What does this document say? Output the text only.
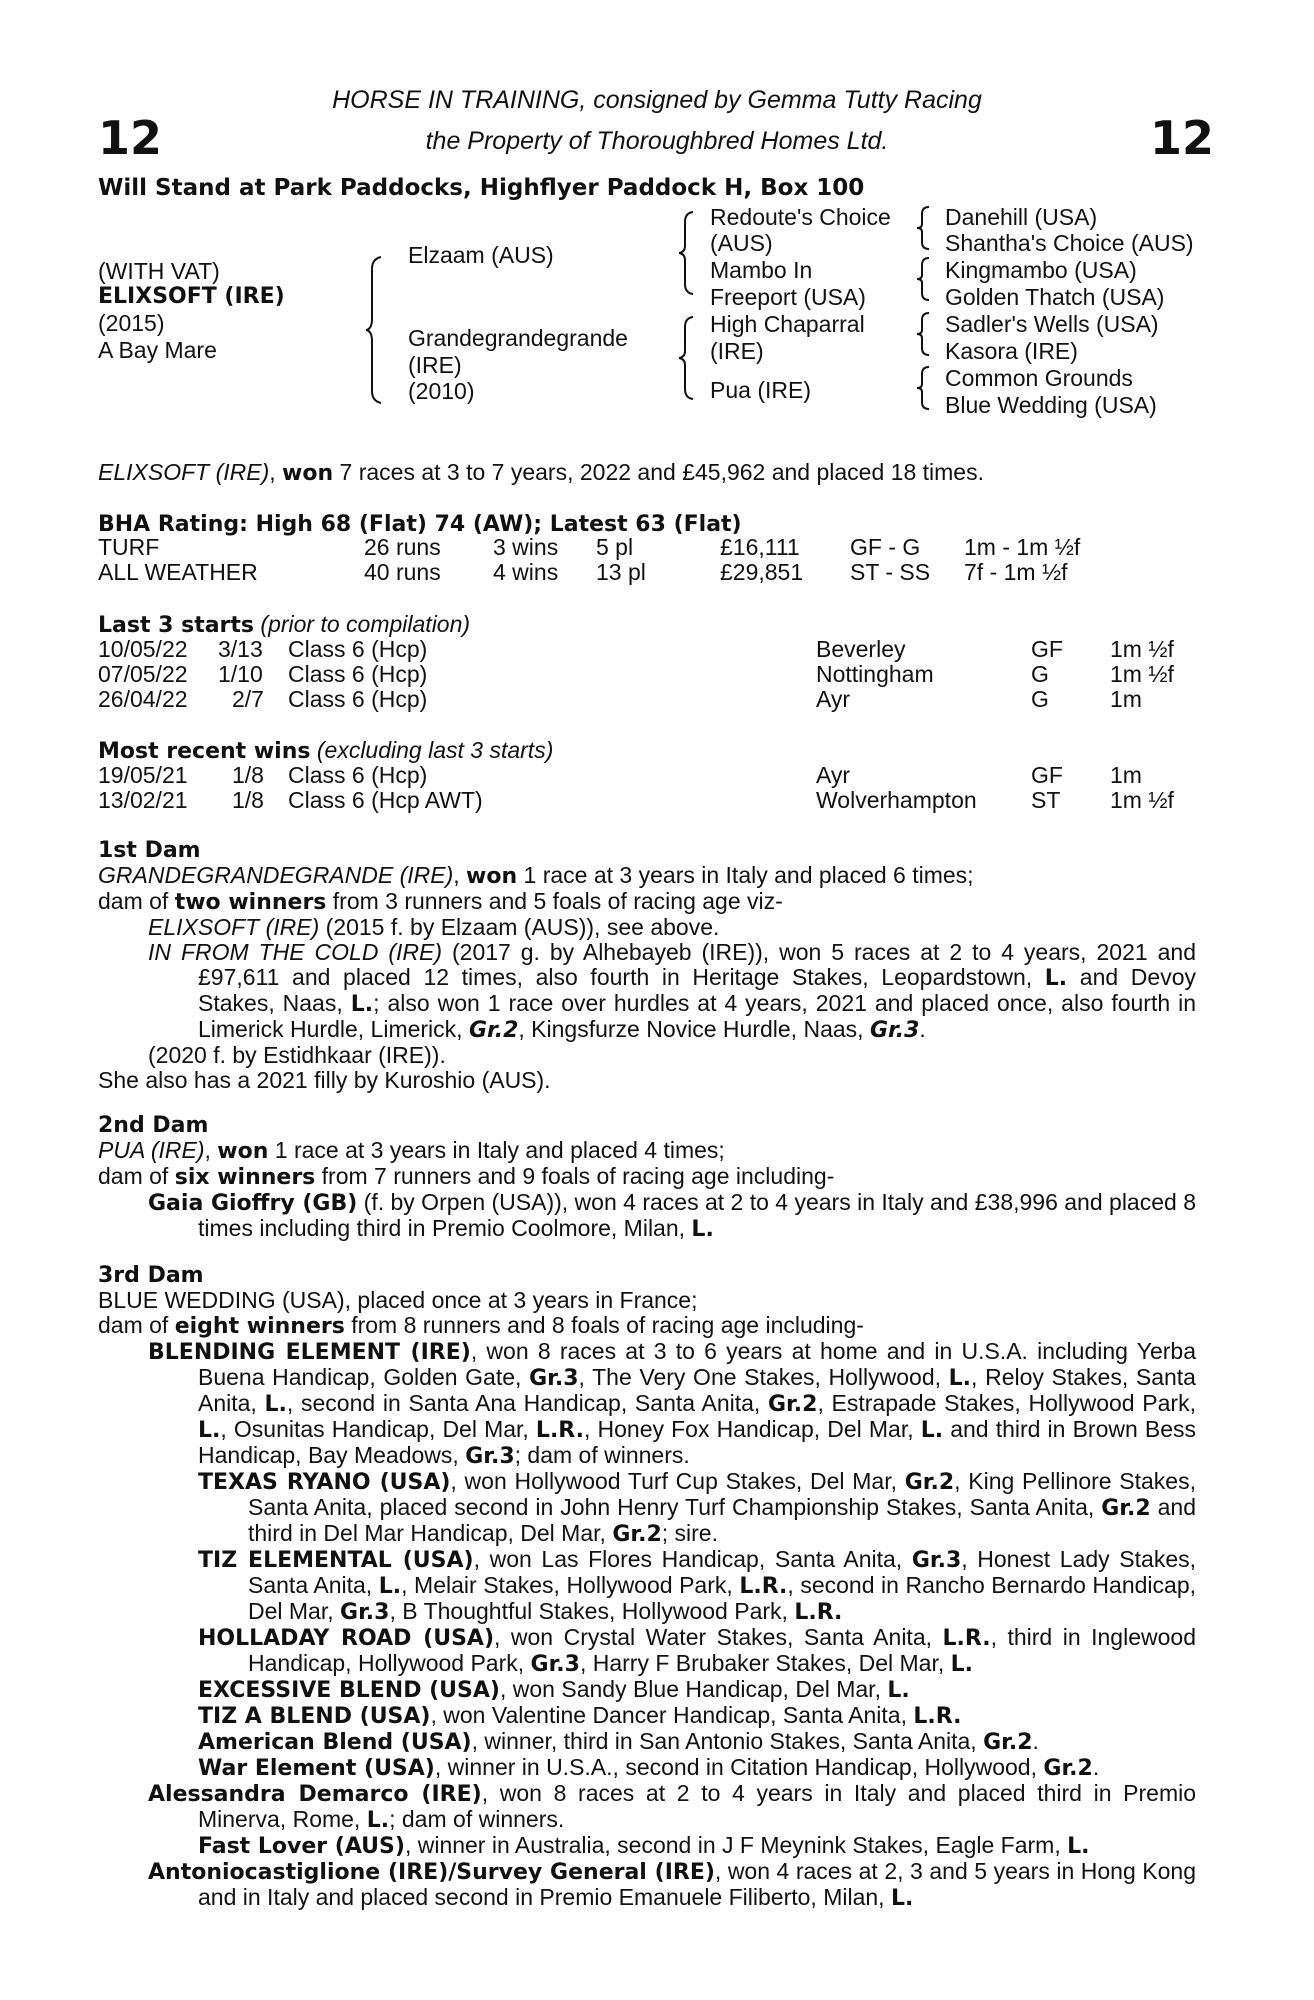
12	12
HORSE IN TRAINING, consigned by Gemma Tutty Racing
the Property of Thoroughbred Homes Ltd.
Will Stand at Park Paddocks, Highflyer Paddock H, Box 100
(WITH VAT)
ELIXSOFT (IRE)
(2015)
A Bay Mare
Elzaam (AUS)
Grandegrandegrande
(IRE)
(2010)
Redoute's Choice
(AUS)
Mambo In
Freeport (USA)
High Chaparral
(IRE)
Pua (IRE)
Danehill (USA)
Shantha's Choice (AUS)
Kingmambo (USA)
Golden Thatch (USA)
Sadler's Wells (USA)
Kasora (IRE)
Common Grounds
Blue Wedding (USA)
ELIXSOFT (IRE), won 7 races at 3 to 7 years, 2022 and £45,962 and placed 18 times.
BHA Rating: High 68 (Flat) 74 (AW); Latest 63 (Flat)
TURF	26 runs 3 wins 5 pl	£16,111 GF - G 1m - 1m ½f
ALL WEATHER	40 runs 4 wins 13 pl	£29,851 ST - SS 7f - 1m ½f
Last 3 starts (prior to compilation)
10/05/22 3/13 Class 6 (Hcp)	Beverley	GF 1m ½f
07/05/22 1/10 Class 6 (Hcp)	Nottingham	G	1m ½f
26/04/22 2/7 Class 6 (Hcp)	Ayr	G	1m
Most recent wins (excluding last 3 starts)
19/05/21 1/8 Class 6 (Hcp)	Ayr	GF 1m
13/02/21 1/8 Class 6 (Hcp AWT)	Wolverhampton ST 1m ½f

1st Dam

GRANDEGRANDEGRANDE (IRE), won 1 race at 3 years in Italy and placed 6 times;

dam of two winners from 3 runners and 5 foals of racing age viz-

ELIXSOFT (IRE) (2015 f. by Elzaam (AUS)), see above.

IN FROM THE COLD (IRE) (2017 g. by Alhebayeb (IRE)), won 5 races at 2 to 4 years, 2021 and £97,611 and placed 12 times, also fourth in Heritage Stakes, Leopardstown, L. and Devoy Stakes, Naas, L.; also won 1 race over hurdles at 4 years, 2021 and placed once, also fourth in Limerick Hurdle, Limerick, Gr.2, Kingsfurze Novice Hurdle, Naas, Gr.3.

(2020 f. by Estidhkaar (IRE)).

She also has a 2021 filly by Kuroshio (AUS).

2nd Dam

PUA (IRE), won 1 race at 3 years in Italy and placed 4 times;

dam of six winners from 7 runners and 9 foals of racing age including-

Gaia Gioffry (GB) (f. by Orpen (USA)), won 4 races at 2 to 4 years in Italy and £38,996 and placed 8 times including third in Premio Coolmore, Milan, L.

3rd Dam

BLUE WEDDING (USA), placed once at 3 years in France;

dam of eight winners from 8 runners and 8 foals of racing age including-

BLENDING ELEMENT (IRE), won 8 races at 3 to 6 years at home and in U.S.A. including Yerba Buena Handicap, Golden Gate, Gr.3, The Very One Stakes, Hollywood, L., Reloy Stakes, Santa Anita, L., second in Santa Ana Handicap, Santa Anita, Gr.2, Estrapade Stakes, Hollywood Park, L., Osunitas Handicap, Del Mar, L.R., Honey Fox Handicap, Del Mar, L. and third in Brown Bess Handicap, Bay Meadows, Gr.3; dam of winners.

TEXAS RYANO (USA), won Hollywood Turf Cup Stakes, Del Mar, Gr.2, King Pellinore Stakes, Santa Anita, placed second in John Henry Turf Championship Stakes, Santa Anita, Gr.2 and third in Del Mar Handicap, Del Mar, Gr.2; sire.

TIZ ELEMENTAL (USA), won Las Flores Handicap, Santa Anita, Gr.3, Honest Lady Stakes, Santa Anita, L., Melair Stakes, Hollywood Park, L.R., second in Rancho Bernardo Handicap, Del Mar, Gr.3, B Thoughtful Stakes, Hollywood Park, L.R.

HOLLADAY ROAD (USA), won Crystal Water Stakes, Santa Anita, L.R., third in Inglewood Handicap, Hollywood Park, Gr.3, Harry F Brubaker Stakes, Del Mar, L.

EXCESSIVE BLEND (USA), won Sandy Blue Handicap, Del Mar, L.

TIZ A BLEND (USA), won Valentine Dancer Handicap, Santa Anita, L.R.

American Blend (USA), winner, third in San Antonio Stakes, Santa Anita, Gr.2.

War Element (USA), winner in U.S.A., second in Citation Handicap, Hollywood, Gr.2.

Alessandra Demarco (IRE), won 8 races at 2 to 4 years in Italy and placed third in Premio Minerva, Rome, L.; dam of winners.

Fast Lover (AUS), winner in Australia, second in J F Meynink Stakes, Eagle Farm, L.

Antoniocastiglione (IRE)/Survey General (IRE), won 4 races at 2, 3 and 5 years in Hong Kong and in Italy and placed second in Premio Emanuele Filiberto, Milan, L.
